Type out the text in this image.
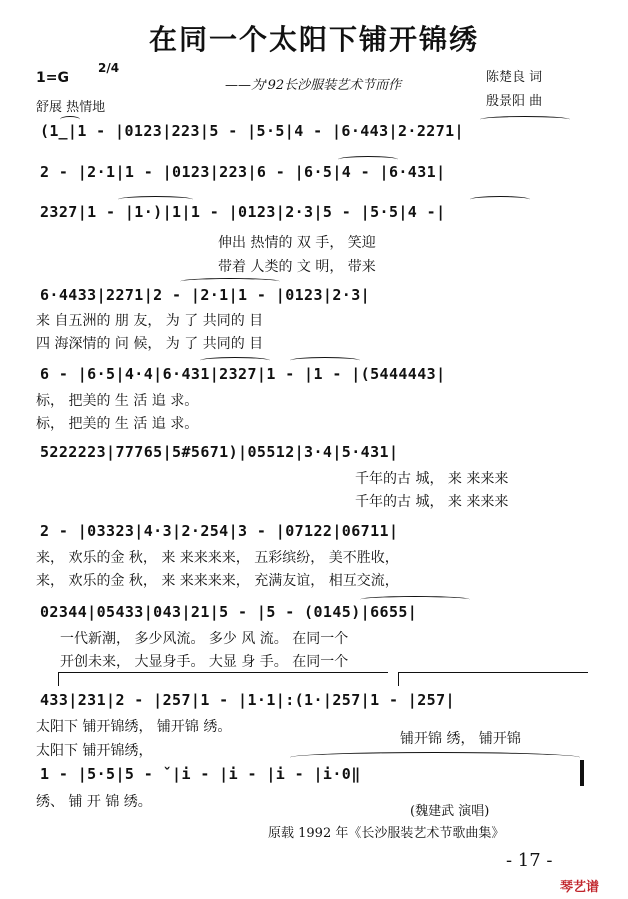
在同一个太阳下铺开锦绣
1=G
2/4
——为'92长沙服装艺术节而作
陈楚良 词
殷景阳 曲
舒展 热情地
(1̲|1 - |0123|223|5 - |5·5|4 - |6·443|2·2271|
2 - |2·1|1 - |0123|223|6 - |6·5|4 - |6·431|
2327|1 - |1·)|1|1 - |0123|2·3|5 - |5·5|4 -|
伸出 热情的 双 手， 笑迎
带着 人类的 文 明， 带来
6·4433|2271|2 - |2·1|1 - |0123|2·3|
来 自五洲的 朋 友， 为 了 共同的 目
四 海深情的 问 候， 为 了 共同的 目
6 - |6·5|4·4|6·431|2327|1 - |1 - |(5444443|
标， 把美的 生 活 追 求。
标， 把美的 生 活 追 求。
5222223|77765|5#5671)|05512|3·4|5·431|
千年的古 城， 来 来来来
千年的古 城， 来 来来来
2 - |03323|4·3|2·254|3 - |07122|06711|
来， 欢乐的金 秋， 来 来来来来， 五彩缤纷， 美不胜收，
来， 欢乐的金 秋， 来 来来来来， 充满友谊， 相互交流，
02344|05433|043|21|5 - |5 - (0145)|6655|
一代新潮， 多少风流。 多少 风 流。 在同一个
开创未来， 大显身手。 大显 身 手。 在同一个
433|231|2 - |257|1 - |1·1|:(1·|257|1 - |257|
太阳下 铺开锦绣， 铺开锦 绣。
太阳下 铺开锦绣，
铺开锦 绣， 铺开锦
1 - |5·5|5 - ˇ|i - |i - |i - |i·0‖
绣、 铺 开 锦 绣。
(魏建武 演唱)
原载 1992 年《长沙服装艺术节歌曲集》
- 17 -
琴艺谱
